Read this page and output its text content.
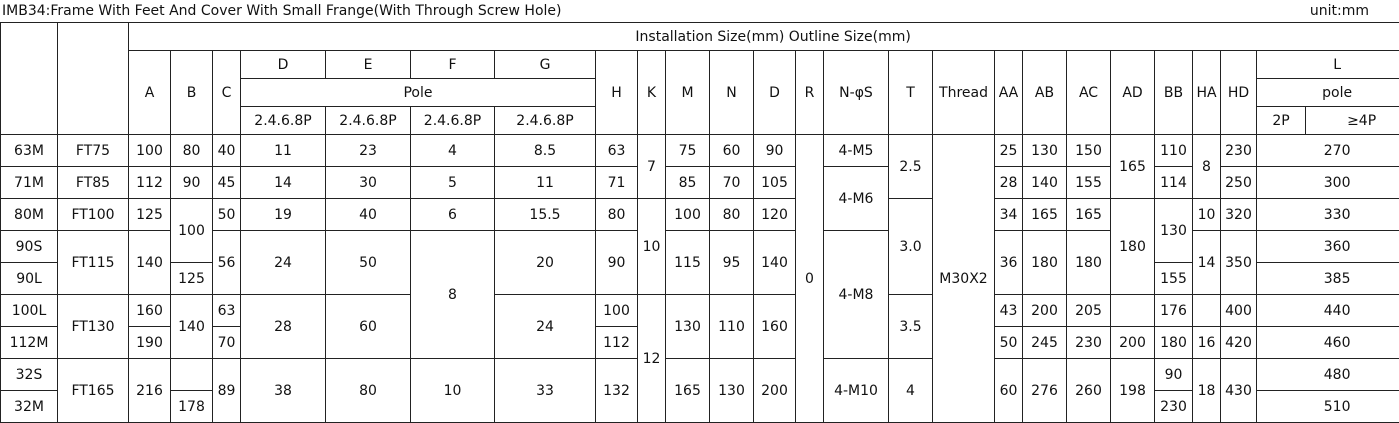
IMB34:Frame With Feet And Cover With Small Frange(With Through Screw Hole)	unit:mm
		Installation Size(mm) Outline Size(mm)																								
		A	B	C	D	E	F	G	H	K	M	N	D	R	N-φS	T	Thread	AA	AB	AC	AD	BB	HA	HD	L	
					Pole																				pole	
					2.4.6.8P	2.4.6.8P	2.4.6.8P	2.4.6.8P																	2P	≥4P
63M	FT75	100	80	40	11	23	4	8.5	63	7	75	60	90	0	4-M5	2.5	M30X2	25	130	150	165	110	8	230	270	
71M	FT85	112	90	45	14	30	5	11	71		85	70	105		4-M6			28	140	155		114		250	300	
80M	FT100	125	100	50	19	40	6	15.5	80	10	100	80	120			3.0		34	165	165	180	130	10	320	330	
90S	FT115	140		56	24	50	8	20	90		115	95	140		4-M8			36	180	180			14	350	360	
90L			125																			155			385	
100L	FT130	160	140	63	28	60		24	100	12	130	110	160			3.5		43	200	205		176		400	440	
112M		190		70					112									50	245	230	200	180	16	420	460	
32S	FT165	216		89	38	80	10	33	132		165	130	200		4-M10	4		60	276	260	198	90	18	430	480	
32M			178																			230			510	
